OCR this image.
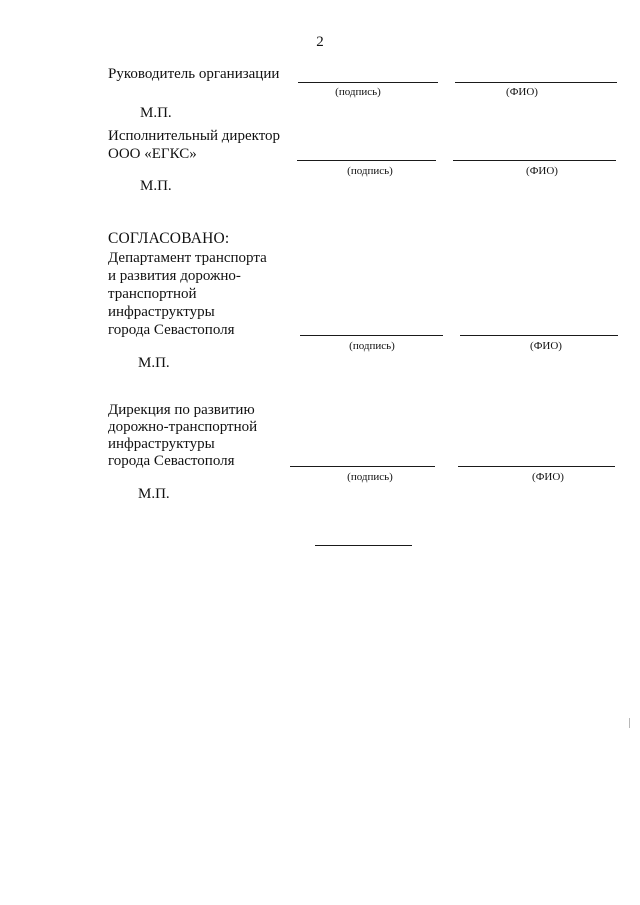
2
Руководитель организации
(подпись)	(ФИО)
М.П.
Исполнительный директор
ООО «ЕГКС»
(подпись)	(ФИО)
М.П.
СОГЛАСОВАНО:
Департамент транспорта
и развития дорожно-
транспортной
инфраструктуры
города Севастополя
(подпись)	(ФИО)
М.П.
Дирекция по развитию
дорожно-транспортной
инфраструктуры
города Севастополя
(подпись)	(ФИО)
М.П.
